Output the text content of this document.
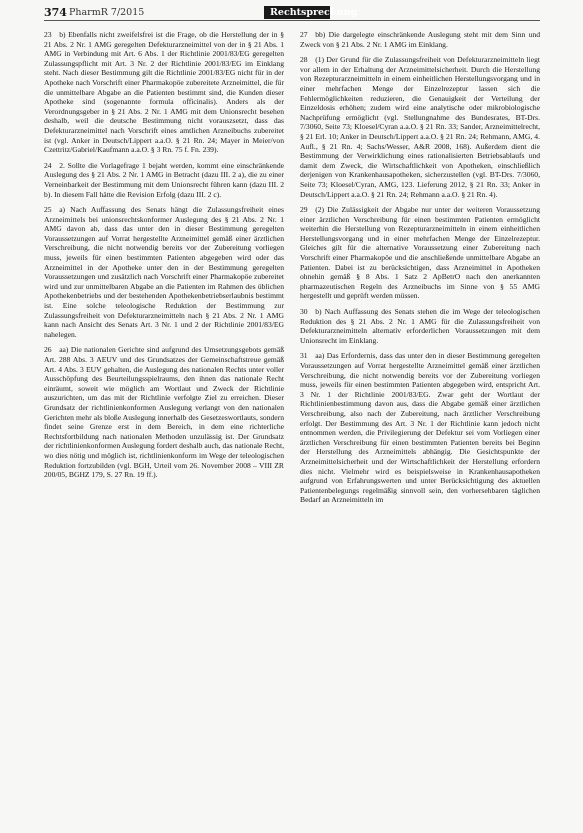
374 PharmR 7/2015	Rechtsprechung

23  b) Ebenfalls nicht zweifelsfrei ist die Frage, ob die Herstellung der in § 21 Abs. 2 Nr. 1 AMG geregelten Defekturarzneimittel von der in § 21 Abs. 1 AMG in Verbindung mit Art. 6 Abs. 1 der Richtlinie 2001/83/EG geregelten Zulassungspflicht mit Art. 3 Nr. 2 der Richtlinie 2001/83/EG im Einklang steht. Nach dieser Bestimmung gilt die Richtlinie 2001/83/EG nicht für in der Apotheke nach Vorschrift einer Pharmakopöe zubereitete Arzneimittel, die für die unmittelbare Abgabe an die Patienten bestimmt sind, die Kunden dieser Apotheke sind (sogenannte formula officinalis). Anders als der Verordnungsgeber in § 21 Abs. 2 Nr. 1 AMG mit dem Unionsrecht besehen deshalb, weil die deutsche Bestimmung nicht vorauszsetzt, dass das Defekturarzneimittel nach Vorschrift eines amtlichen Arzneibuchs zubereitet ist (vgl. Anker in Deutsch/Lippert a.a.O. § 21 Rn. 24; Mayer in Meier/von Czettritz/Gabriel/Kaufmann a.a.O. § 3 Rn. 75 f. Fn. 239).

24  2. Sollte die Vorlagefrage 1 bejaht werden, kommt eine einschränkende Auslegung des § 21 Abs. 2 Nr. 1 AMG in Betracht (dazu III. 2 a), die zu einer Verneinbarkeit der Bestimmung mit dem Unionsrecht führen kann (dazu III. 2 b). In diesem Fall hätte die Revision Erfolg (dazu III. 2 c).

25  a) Nach Auffassung des Senats hängt die Zulassungsfreiheit eines Arzneimittels bei unionsrechtskonformer Auslegung des § 21 Abs. 2 Nr. 1 AMG davon ab, dass das unter den in dieser Bestimmung geregelten Voraussetzungen auf Vorrat hergestellte Arzneimittel gemäß einer ärztlichen Verschreibung, die nicht notwendig bereits vor der Zubereitung vorliegen muss, jeweils für einen bestimmten Patienten abgegeben wird oder das Arzneimittel in der Apotheke unter den in der Bestimmung geregelten Voraussetzungen und zusätzlich nach Vorschrift einer Pharmakopöe zubereitet wird und zur unmittelbaren Abgabe an die Patienten im Rahmen des üblichen Apothekenbetriebs und der bestehenden Apothekenbetriebserlaubnis bestimmt ist. Eine solche teleologische Reduktion der Bestimmung zur Zulassungsfreiheit von Defekturarzneimitteln nach § 21 Abs. 2 Nr. 1 AMG kann nach Ansicht des Senats Art. 3 Nr. 1 und 2 der Richtlinie 2001/83/EG nahelegen.

26  aa) Die nationalen Gerichte sind aufgrund des Umsetzungsgebots gemäß Art. 288 Abs. 3 AEUV und des Grundsatzes der Gemeinschaftstreue gemäß Art. 4 Abs. 3 EUV gehalten, die Auslegung des nationalen Rechts unter voller Ausschöpfung des Beurteilungsspielraums, den ihnen das nationale Recht einräumt, soweit wie möglich am Wortlaut und Zweck der Richtlinie auszurichten, um das mit der Richtlinie verfolgte Ziel zu erreichen. Dieser Grundsatz der richtlinienkonformen Auslegung verlangt von den nationalen Gerichten mehr als bloße Auslegung innerhalb des Gesetzeswortlauts, sondern findet seine Grenze erst in dem Bereich, in dem eine richterliche Rechtsfortbildung nach nationalen Methoden unzulässig ist. Der Grundsatz der richtlinienkonformen Auslegung fordert deshalb auch, das nationale Recht, wo dies nötig und möglich ist, richtlinienkonform im Wege der teleologischen Reduktion fortzubilden (vgl. BGH, Urteil vom 26. November 2008 – VIII ZR 200/05, BGHZ 179, S. 27 Rn. 19 ff.).

27  bb) Die dargelegte einschränkende Auslegung steht mit dem Sinn und Zweck von § 21 Abs. 2 Nr. 1 AMG im Einklang.

28  (1) Der Grund für die Zulassungsfreiheit von Defekturarzneimitteln liegt vor allem in der Erhaltung der Arzneimittelsicherheit. Durch die Herstellung von Rezepturarzneimitteln in einem einheitlichen Herstellungsvorgang und in einer mehrfachen Menge der Einzelrezeptur lassen sich die Fehlermöglichkeiten reduzieren, die Genauigkeit der Verteilung der Einzeldosis erhöhen; zudem wird eine analytische oder mikrobiologische Nachprüfung ermöglicht (vgl. Stellungnahme des Bundesrates, BT-Drs. 7/3060, Seite 73; Kloesel/Cyran a.a.O. § 21 Rn. 33; Sander, Arzneimittelrecht, § 21 Erl. 10; Anker in Deutsch/Lippert a.a.O. § 21 Rn. 24; Rehmann, AMG, 4. Aufl., § 21 Rn. 4; Sachs/Wesser, A&R 2008, 168). Außerdem dient die Bestimmung der Verwirklichung eines rationalisierten Betriebsablaufs und damit dem Zweck, die Wirtschaftlichkeit von Apotheken, einschließlich derjenigen von Krankenhausapotheken, sicherzustellen (vgl. BT-Drs. 7/3060, Seite 73; Kloesel/Cyran, AMG, 123. Lieferung 2012, § 21 Rn. 33; Anker in Deutsch/Lippert a.a.O. § 21 Rn. 24; Rehmann a.a.O. § 21 Rn. 4).

29  (2) Die Zulässigkeit der Abgabe nur unter der weiteren Voraussetzung einer ärztlichen Verschreibung für einen bestimmten Patienten ermöglicht weiterhin die Herstellung von Rezepturarzneimitteln in einem einheitlichen Herstellungsvorgang und in einer mehrfachen Menge der Einzelrezeptur. Gleiches gilt für die alternative Voraussetzung einer Zubereitung nach Vorschrift einer Pharmakopöe und die anschließende unmittelbare Abgabe an Patienten. Dabei ist zu berücksichtigen, dass Arzneimittel in Apotheken ohnehin gemäß § 8 Abs. 1 Satz 2 ApBetrO nach den anerkannten pharmazeutischen Regeln des Arzneibuchs im Sinne von § 55 AMG hergestellt und geprüft werden müssen.

30  b) Nach Auffassung des Senats stehen die im Wege der teleologischen Reduktion des § 21 Abs. 2 Nr. 1 AMG für die Zulassungsfreiheit von Defekturarzneimitteln alternativ erforderlichen Voraussetzungen mit dem Unionsrecht im Einklang.

31  aa) Das Erfordernis, dass das unter den in dieser Bestimmung geregelten Voraussetzungen auf Vorrat hergestellte Arzneimittel gemäß einer ärztlichen Verschreibung, die nicht notwendig bereits vor der Zubereitung vorliegen muss, jeweils für einen bestimmten Patienten abgegeben wird, entspricht Art. 3 Nr. 1 der Richtlinie 2001/83/EG. Zwar geht der Wortlaut der Richtlinienbestimmung davon aus, dass die Abgabe gemäß einer ärztlichen Verschreibung, also nach der Zubereitung, nach ärztlicher Verschreibung erfolgt. Der Bestimmung des Art. 3 Nr. 1 der Richtlinie kann jedoch nicht entnommen werden, die Privilegierung der Defektur sei vom Vorliegen einer ärztlichen Verschreibung für einen bestimmten Patienten bereits bei Beginn der Herstellung des Arzneimittels abhängig. Die Gesichtspunkte der Arzneimittelsicherheit und der Wirtschaftlichkeit der Herstellung erfordern dies nicht. Vielmehr wird es beispielsweise in Krankenhausapotheken aufgrund von Erfahrungswerten und unter Berücksichtigung des aktuellen Patientenbelegungs regelmäßig sinnvoll sein, den vorhersehbaren täglichen Bedarf an Arzneimitteln im
